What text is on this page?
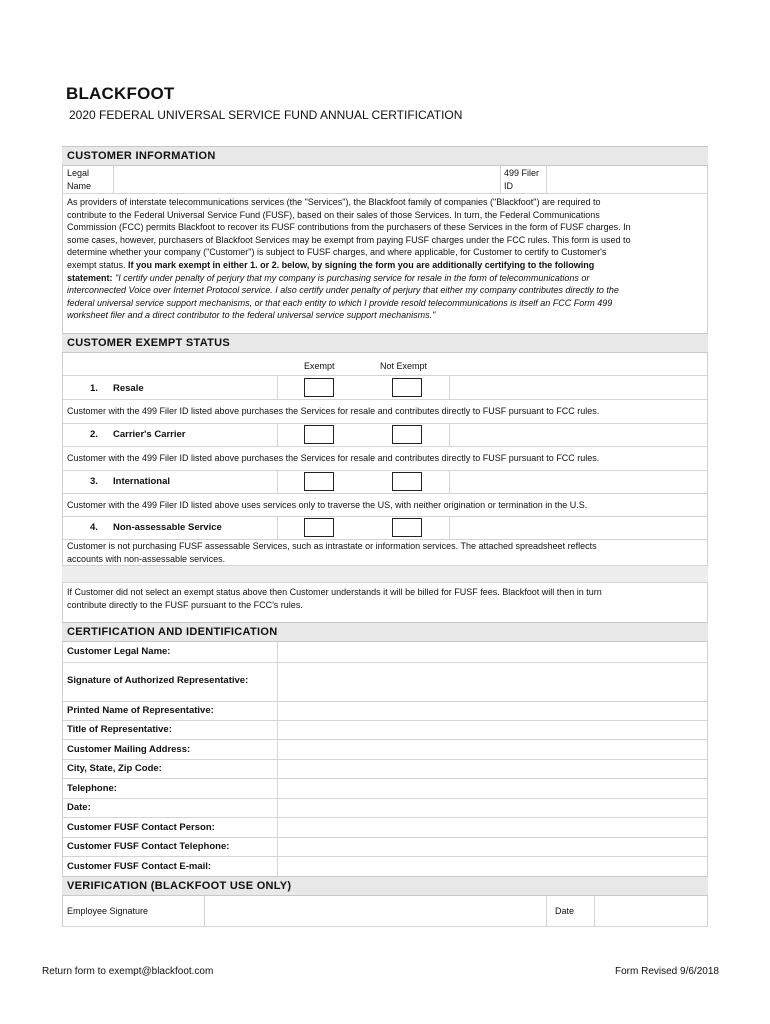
BLACKFOOT
2020 FEDERAL UNIVERSAL SERVICE FUND ANNUAL CERTIFICATION
CUSTOMER INFORMATION
Legal
Name
499 Filer
ID
As providers of interstate telecommunications services (the "Services"), the Blackfoot family of companies ("Blackfoot") are required to
contribute to the Federal Universal Service Fund (FUSF), based on their sales of those Services. In turn, the Federal Communications
Commission (FCC) permits Blackfoot to recover its FUSF contributions from the purchasers of these Services in the form of FUSF charges. In
some cases, however, purchasers of Blackfoot Services may be exempt from paying FUSF charges under the FCC rules. This form is used to
determine whether your company ("Customer") is subject to FUSF charges, and where applicable, for Customer to certify to Customer's
exempt status. If you mark exempt in either 1. or 2. below, by signing the form you are additionally certifying to the following
statement: "I certify under penalty of perjury that my company is purchasing service for resale in the form of telecommunications or
interconnected Voice over Internet Protocol service. I also certify under penalty of perjury that either my company contributes directly to the
federal universal service support mechanisms, or that each entity to which I provide resold telecommunications is itself an FCC Form 499
worksheet filer and a direct contributor to the federal universal service support mechanisms."
CUSTOMER EXEMPT STATUS
Exempt	Not Exempt
1. Resale
Customer with the 499 Filer ID listed above purchases the Services for resale and contributes directly to FUSF pursuant to FCC rules.
2. Carrier's Carrier
Customer with the 499 Filer ID listed above purchases the Services for resale and contributes directly to FUSF pursuant to FCC rules.
3. International
Customer with the 499 Filer ID listed above uses services only to traverse the US, with neither origination or termination in the U.S.
4. Non-assessable Service
Customer is not purchasing FUSF assessable Services, such as intrastate or information services. The attached spreadsheet reflects
accounts with non-assessable services.
If Customer did not select an exempt status above then Customer understands it will be billed for FUSF fees. Blackfoot will then in turn
contribute directly to the FUSF pursuant to the FCC's rules.
CERTIFICATION AND IDENTIFICATION
Customer Legal Name:
Signature of Authorized Representative:
Printed Name of Representative:
Title of Representative:
Customer Mailing Address:
City, State, Zip Code:
Telephone:
Date:
Customer FUSF Contact Person:
Customer FUSF Contact Telephone:
Customer FUSF Contact E-mail:
VERIFICATION (BLACKFOOT USE ONLY)
Employee Signature	Date
Return form to exempt@blackfoot.com	Form Revised 9/6/2018
